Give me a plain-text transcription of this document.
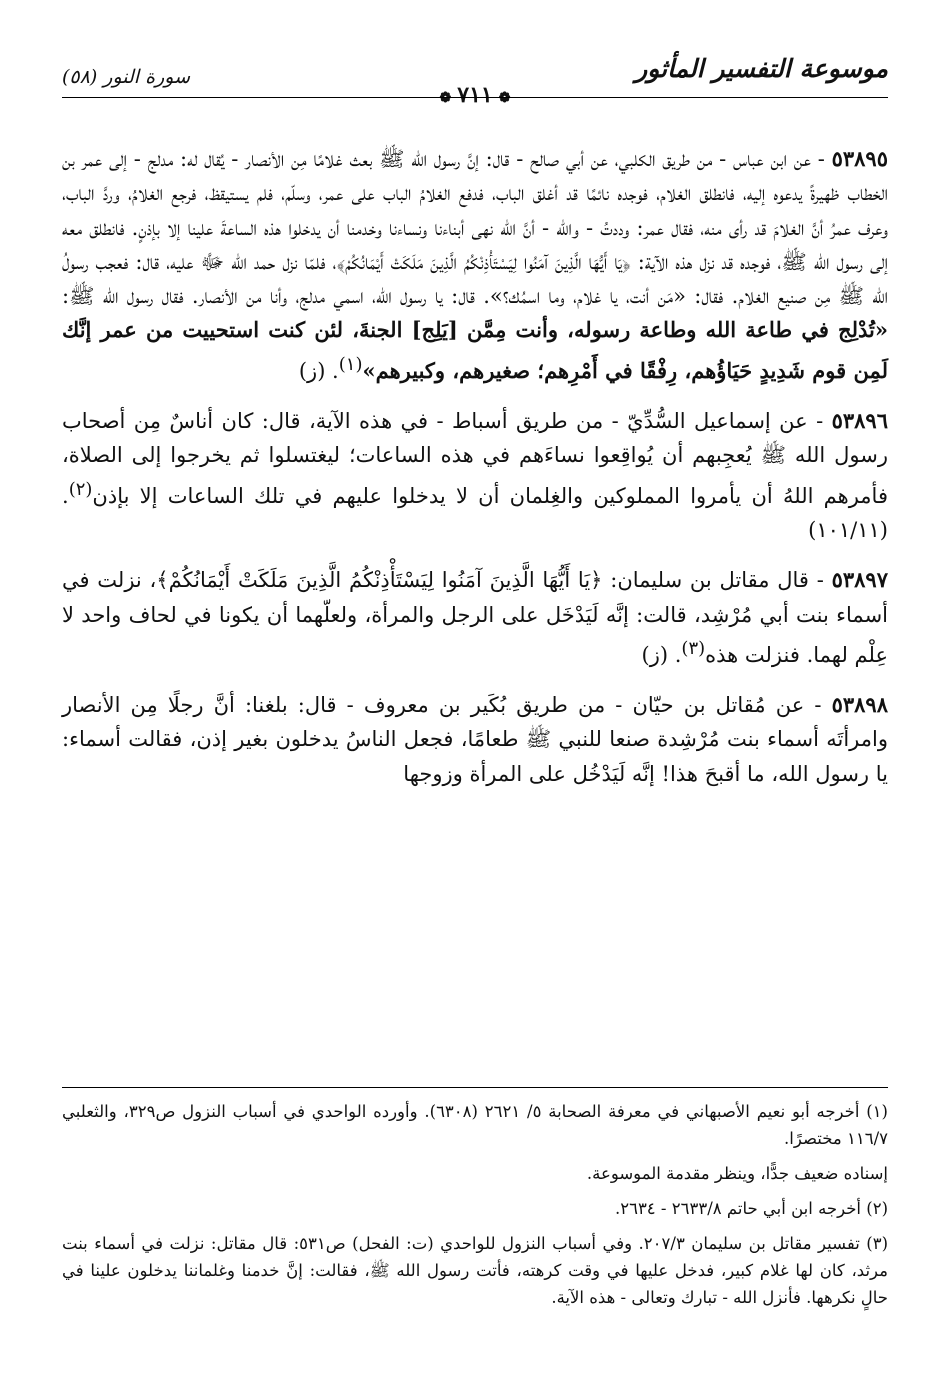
موسوعة التفسير المأثور
❁٧١١❁
سورة النور (٥٨)

٥٣٨٩٥ - عن ابن عباس - من طريق الكلبي، عن أبي صالح - قال: إنَّ رسول الله ﷺ بعث غلامًا مِن الأنصار - يُقال له: مدلج - إلى عمر بن الخطاب ظهيرةً يدعوه إليه، فانطلق الغلام، فوجده نائمًا قد أغلق الباب، فدفع الغلامُ الباب على عمر، وسلّم، فلم يستيقظ، فرجع الغلامُ، وردَّ الباب، وعرف عمرُ أنَّ الغلامَ قد رأى منه، فقال عمر: وددتُ - والله - أنَّ الله نهى أبناءنا ونساءنا وخدمنا أن يدخلوا هذه الساعةَ علينا إلا بإذنٍ. فانطلق معه إلى رسول الله ﷺ، فوجده قد نزل هذه الآية: ﴿يَا أَيُّهَا الَّذِينَ آمَنُوا لِيَسْتَأْذِنْكُمُ الَّذِينَ مَلَكَتْ أَيْمَانُكُمْ﴾، فلمّا نزل حمد الله ﷻ عليه، قال: فعجب رسولُ الله ﷺ مِن صنيع الغلام. فقال: «مَن أنت، يا غلام، وما اسمُك؟». قال: يا رسول الله، اسمي مدلج، وأنا من الأنصار. فقال رسول الله ﷺ: «تُدْلِج في طاعة الله وطاعة رسوله، وأنت مِمَّن [يَلِج] الجنةَ، لئن كنت استحييت من عمر إنَّك لَمِن قوم شَدِيدٍ حَيَاؤُهم، رِفْقًا في أَمْرِهم؛ صغيرهم، وكبيرهم»$^{(١)}$. (ز)

٥٣٨٩٦ - عن إسماعيل السُّدِّيّ - من طريق أسباط - في هذه الآية، قال: كان أناسٌ مِن أصحاب رسول الله ﷺ يُعجِبهم أن يُواقِعوا نساءَهم في هذه الساعات؛ ليغتسلوا ثم يخرجوا إلى الصلاة، فأمرهم اللهُ أن يأمروا المملوكين والغِلمان أن لا يدخلوا عليهم في تلك الساعات إلا بإذن$^{(٢)}$. (١٠١/١١)

٥٣٨٩٧ - قال مقاتل بن سليمان: ﴿يَا أَيُّهَا الَّذِينَ آمَنُوا لِيَسْتَأْذِنْكُمُ الَّذِينَ مَلَكَتْ أَيْمَانُكُمْ﴾، نزلت في أسماء بنت أبي مُرْشِد، قالت: إنَّه لَيَدْخَل على الرجل والمرأة، ولعلّهما أن يكونا في لحاف واحد لا عِلْم لهما. فنزلت هذه$^{(٣)}$. (ز)

٥٣٨٩٨ - عن مُقاتل بن حيّان - من طريق بُكَير بن معروف - قال: بلغنا: أنَّ رجلًا مِن الأنصار وامرأتَه أسماء بنت مُرْشِدة صنعا للنبي ﷺ طعامًا، فجعل الناسُ يدخلون بغير إذن، فقالت أسماء: يا رسول الله، ما أقبحَ هذا! إنَّه لَيَدْخُل على المرأة وزوجها

(١) أخرجه أبو نعيم الأصبهاني في معرفة الصحابة ٥/ ٢٦٢١ (٦٣٠٨). وأورده الواحدي في أسباب النزول ص٣٢٩، والثعلبي ١١٦/٧ مختصرًا.

إسناده ضعيف جدًّا، وينظر مقدمة الموسوعة.

(٢) أخرجه ابن أبي حاتم ٢٦٣٣/٨ - ٢٦٣٤.

(٣) تفسير مقاتل بن سليمان ٢٠٧/٣. وفي أسباب النزول للواحدي (ت: الفحل) ص٥٣١: قال مقاتل: نزلت في أسماء بنت مرثد، كان لها غلام كبير، فدخل عليها في وقت كرهته، فأتت رسول الله ﷺ، فقالت: إنَّ خدمنا وغلماننا يدخلون علينا في حالٍ نكرهها. فأنزل الله - تبارك وتعالى - هذه الآية.
